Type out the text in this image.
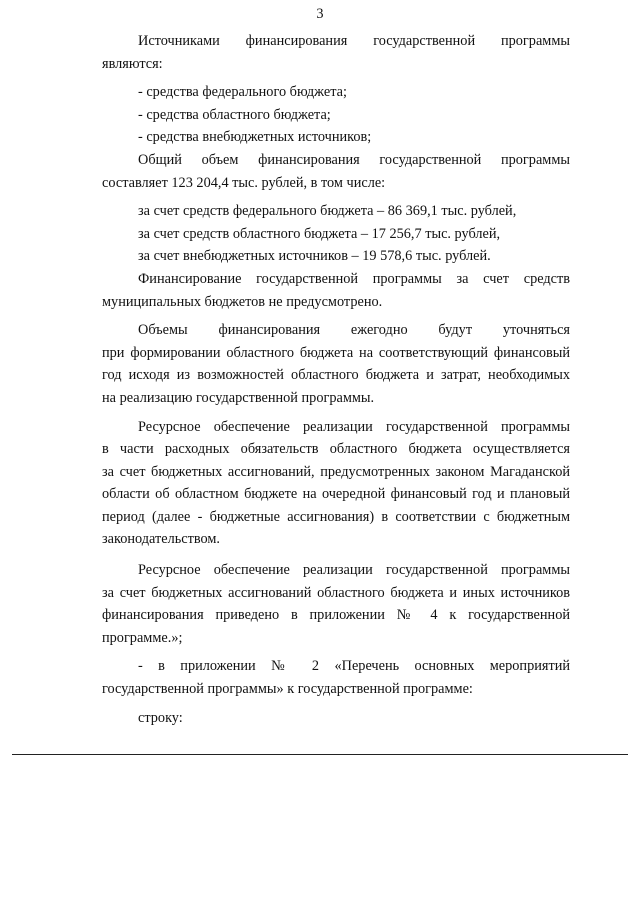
3
Источниками финансирования государственной программы
являются:
- средства федерального бюджета;
- средства областного бюджета;
- средства внебюджетных источников;
Общий объем финансирования государственной программы
составляет 123 204,4 тыс. рублей, в том числе:
за счет средств федерального бюджета – 86 369,1 тыс. рублей,
за счет средств областного бюджета – 17 256,7 тыс. рублей,
за счет внебюджетных источников – 19 578,6 тыс. рублей.
Финансирование государственной программы за счет средств
муниципальных бюджетов не предусмотрено.
Объемы финансирования ежегодно будут уточняться
при формировании областного бюджета на соответствующий финансовый
год исходя из возможностей областного бюджета и затрат, необходимых
на реализацию государственной программы.
Ресурсное обеспечение реализации государственной программы
в части расходных обязательств областного бюджета осуществляется
за счет бюджетных ассигнований, предусмотренных законом Магаданской
области об областном бюджете на очередной финансовый год и плановый
период (далее - бюджетные ассигнования) в соответствии с бюджетным
законодательством.
Ресурсное обеспечение реализации государственной программы
за счет бюджетных ассигнований областного бюджета и иных источников
финансирования приведено в приложении № 4 к государственной
программе.»;
- в приложении № 2 «Перечень основных мероприятий
государственной программы» к государственной программе:
строку:
